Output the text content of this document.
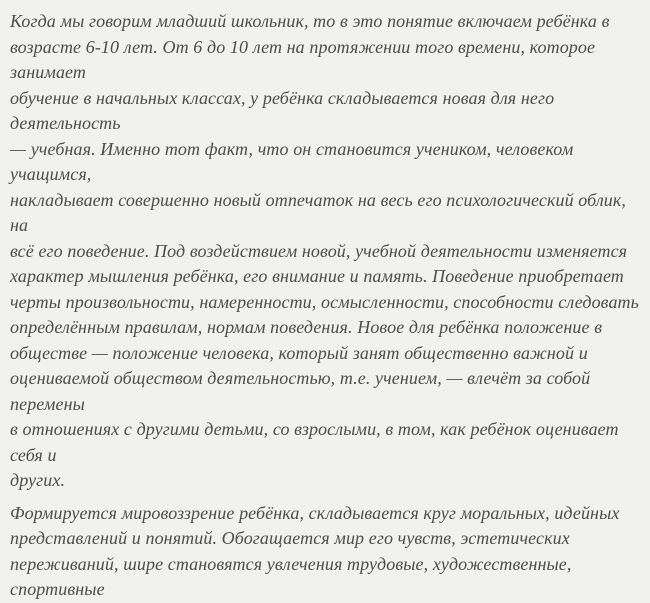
Когда мы говорим младший школьник, то в это понятие включаем ребёнка в
возрасте 6-10 лет. От 6 до 10 лет на протяжении того времени, которое занимает
обучение в начальных классах, у ребёнка складывается новая для него деятельность
— учебная. Именно тот факт, что он становится учеником, человеком учащимся,
накладывает совершенно новый отпечаток на весь его психологический облик, на
всё его поведение. Под воздействием новой, учебной деятельности изменяется
характер мышления ребёнка, его внимание и память. Поведение приобретает
черты произвольности, намеренности, осмысленности, способности следовать
определённым правилам, нормам поведения. Новое для ребёнка положение в
обществе — положение человека, который занят общественно важной и
оцениваемой обществом деятельностью, т.е. учением, — влечёт за собой перемены
в отношениях с другими детьми, со взрослыми, в том, как ребёнок оценивает себя и
других.

Формируется мировоззрение ребёнка, складывается круг моральных, идейных
представлений и понятий. Обогащается мир его чувств, эстетических
переживаний, шире становятся увлечения трудовые, художественные, спортивные
